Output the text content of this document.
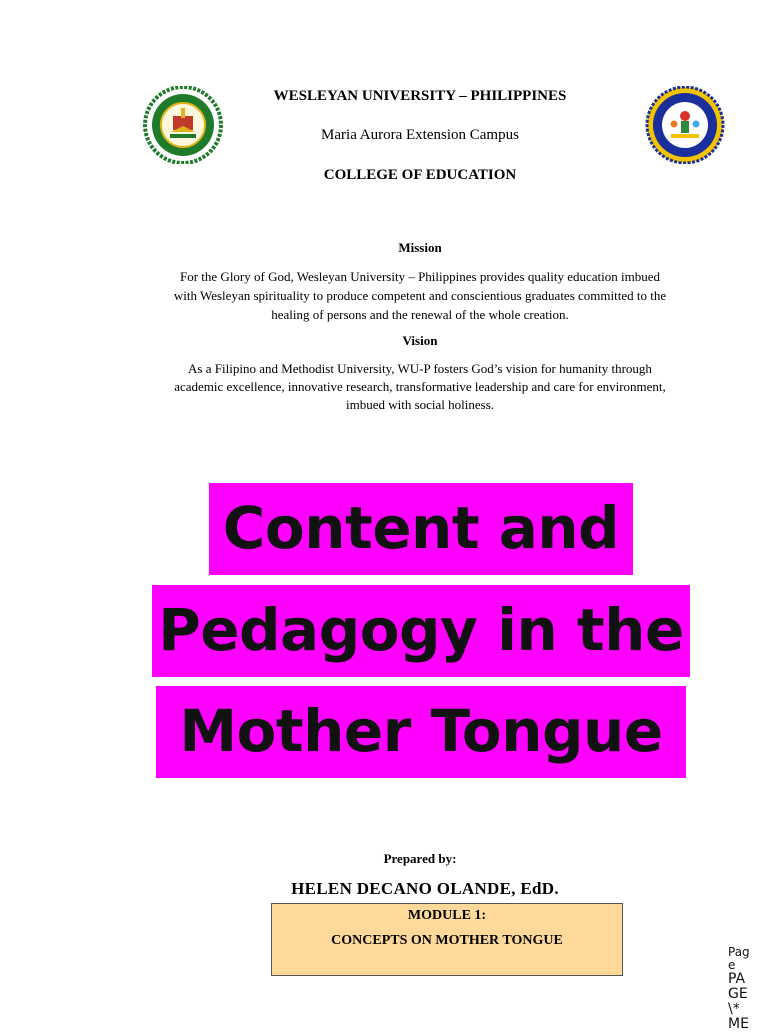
WESLEYAN UNIVERSITY – PHILIPPINES
Maria Aurora Extension Campus
COLLEGE OF EDUCATION
Mission
For the Glory of God, Wesleyan University – Philippines provides quality education imbued
with Wesleyan spirituality to produce competent and conscientious graduates committed to the
healing of persons and the renewal of the whole creation.
Vision
As a Filipino and Methodist University, WU-P fosters God’s vision for humanity through
academic excellence, innovative research, transformative leadership and care for environment,
imbued with social holiness.
Content and
Pedagogy in the
Mother Tongue
Prepared by:
HELEN DECANO OLANDE, EdD.
MODULE 1:
CONCEPTS ON MOTHER TONGUE
Pag
e
PA
GE
\*
ME
